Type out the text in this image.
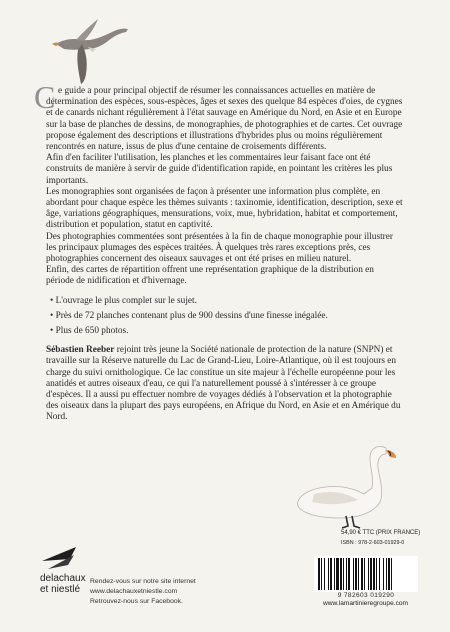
C e guide a pour principal objectif de résumer les connaissances actuelles en matière de détermination des espèces, sous-espèces, âges et sexes des quelque 84 espèces d'oies, de cygnes et de canards nichant régulièrement à l'état sauvage en Amérique du Nord, en Asie et en Europe sur la base de planches de dessins, de monographies, de photographies et de cartes. Cet ouvrage propose également des descriptions et illustrations d'hybrides plus ou moins régulièrement rencontrés en nature, issus de plus d'une centaine de croisements différents.

Afin d'en faciliter l'utilisation, les planches et les commentaires leur faisant face ont été construits de manière à servir de guide d'identification rapide, en pointant les critères les plus importants.

Les monographies sont organisées de façon à présenter une information plus complète, en abordant pour chaque espèce les thèmes suivants : taxinomie, identification, description, sexe et âge, variations géographiques, mensurations, voix, mue, hybridation, habitat et comportement, distribution et population, statut en captivité.

Des photographies commentées sont présentées à la fin de chaque monographie pour illustrer les principaux plumages des espèces traitées. À quelques très rares exceptions près, ces photographies concernent des oiseaux sauvages et ont été prises en milieu naturel.

Enfin, des cartes de répartition offrent une représentation graphique de la distribution en période de nidification et d'hivernage.

• L'ouvrage le plus complet sur le sujet.
• Près de 72 planches contenant plus de 900 dessins d'une finesse inégalée.
• Plus de 650 photos.

Sébastien Reeber rejoint très jeune la Société nationale de protection de la nature (SNPN) et travaille sur la Réserve naturelle du Lac de Grand-Lieu, Loire-Atlantique, où il est toujours en charge du suivi ornithologique. Ce lac constitue un site majeur à l'échelle européenne pour les anatidés et autres oiseaux d'eau, ce qui l'a naturellement poussé à s'intéresser à ce groupe d'espèces. Il a aussi pu effectuer nombre de voyages dédiés à l'observation et la photographie des oiseaux dans la plupart des pays européens, en Afrique du Nord, en Asie et en Amérique du Nord.

delachaux
et niestlé
Rendez-vous sur notre site internet
www.delachauxetniestle.com
Retrouvez-nous sur Facebook.
54,90 € TTC (PRIX FRANCE)
ISBN : 978-2-603-01929-0
9 782603 019290
www.lamartinieregroupe.com
